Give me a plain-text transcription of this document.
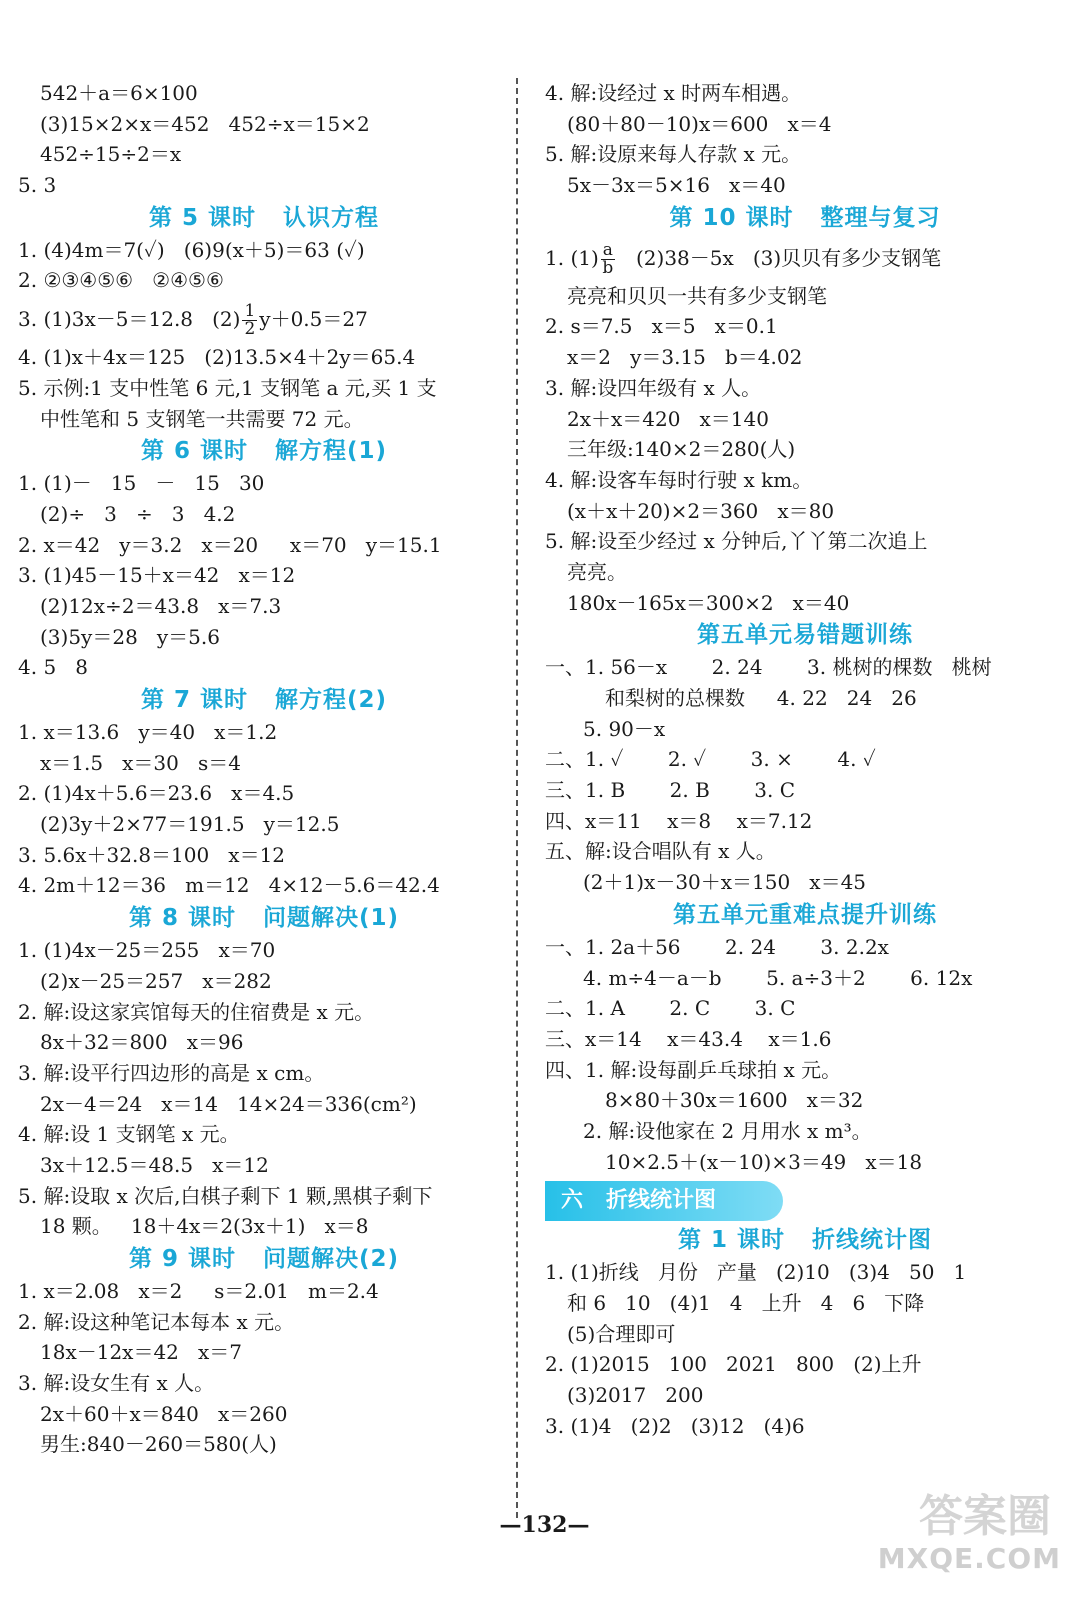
542＋a＝6×100
(3)15×2×x＝452   452÷x＝15×2
452÷15÷2＝x
5. 3
第 5 课时   认识方程
1. (4)4m＝7(✓)   (6)9(x＋5)＝63 (✓)
2. ②③④⑤⑥   ②④⑤⑥
3. (1)3x－5＝12.8   $(2) \frac{1}{2} y+0.5=27$
4. (1)x＋4x＝125   (2)13.5×4＋2y＝65.4
5. 示例:1 支中性笔 6 元,1 支钢笔 a 元,买 1 支
中性笔和 5 支钢笔一共需要 72 元。
第 6 课时   解方程(1)
1. (1)－   15   －   15   30
(2)÷   3   ÷   3   4.2
2. x＝42   y＝3.2   x＝20     x＝70   y＝15.1
3. (1)45－15＋x＝42   x＝12
(2)12x÷2＝43.8   x＝7.3
(3)5y＝28   y＝5.6
4. 5   8
第 7 课时   解方程(2)
1. x＝13.6   y＝40   x＝1.2
x＝1.5   x＝30   s＝4
2. (1)4x＋5.6＝23.6   x＝4.5
(2)3y＋2×77＝191.5   y＝12.5
3. 5.6x＋32.8＝100   x＝12
4. 2m＋12＝36   m＝12   4×12－5.6＝42.4
第 8 课时   问题解决(1)
1. (1)4x－25＝255   x＝70
(2)x－25＝257   x＝282
2. 解:设这家宾馆每天的住宿费是 x 元。
8x＋32＝800   x＝96
3. 解:设平行四边形的高是 x cm。
2x－4＝24   x＝14   14×24＝336(cm²)
4. 解:设 1 支钢笔 x 元。
3x＋12.5＝48.5   x＝12
5. 解:设取 x 次后,白棋子剩下 1 颗,黑棋子剩下
18 颗。   18＋4x＝2(3x＋1)   x＝8
第 9 课时   问题解决(2)
1. x＝2.08   x＝2     s＝2.01   m＝2.4
2. 解:设这种笔记本每本 x 元。
18x－12x＝42   x＝7
3. 解:设女生有 x 人。
2x＋60＋x＝840   x＝260
男生:840－260＝580(人)
4. 解:设经过 x 时两车相遇。
(80＋80－10)x＝600   x＝4
5. 解:设原来每人存款 x 元。
5x－3x＝5×16   x＝40
第 10 课时   整理与复习
1. $(1) \frac{a}{b} (2)38-5x$   (3)贝贝有多少支钢笔
亮亮和贝贝一共有多少支钢笔
2. s＝7.5   x＝5   x＝0.1
x＝2   y＝3.15   b＝4.02
3. 解:设四年级有 x 人。
2x＋x＝420   x＝140
三年级:140×2＝280(人)
4. 解:设客车每时行驶 x km。
(x＋x＋20)×2＝360   x＝80
5. 解:设至少经过 x 分钟后,丫丫第二次追上
亮亮。
180x－165x＝300×2   x＝40
第五单元易错题训练
一、1. 56－x       2. 24       3. 桃树的棵数   桃树
和梨树的总棵数     4. 22   24   26
5. 90－x
二、1. ✓       2. ✓       3. ×       4. ✓
三、1. B       2. B       3. C
四、x＝11    x＝8    x＝7.12
五、解:设合唱队有 x 人。
(2＋1)x－30＋x＝150   x＝45
第五单元重难点提升训练
一、1. 2a＋56       2. 24       3. 2.2x
4. m÷4－a－b       5. a÷3＋2       6. 12x
二、1. A       2. C       3. C
三、x＝14    x＝43.4    x＝1.6
四、1. 解:设每副乒乓球拍 x 元。
8×80＋30x＝1600   x＝32
2. 解:设他家在 2 月用水 x m³。
10×2.5＋(x－10)×3＝49   x＝18
六   折线统计图
第 1 课时   折线统计图
1. (1)折线   月份   产量   (2)10   (3)4   50   1
和 6   10   (4)1   4   上升   4   6   下降
(5)合理即可
2. (1)2015   100   2021   800   (2)上升
(3)2017   200
3. (1)4   (2)2   (3)12   (4)6
—132—	答案圈
MXQE.COM
